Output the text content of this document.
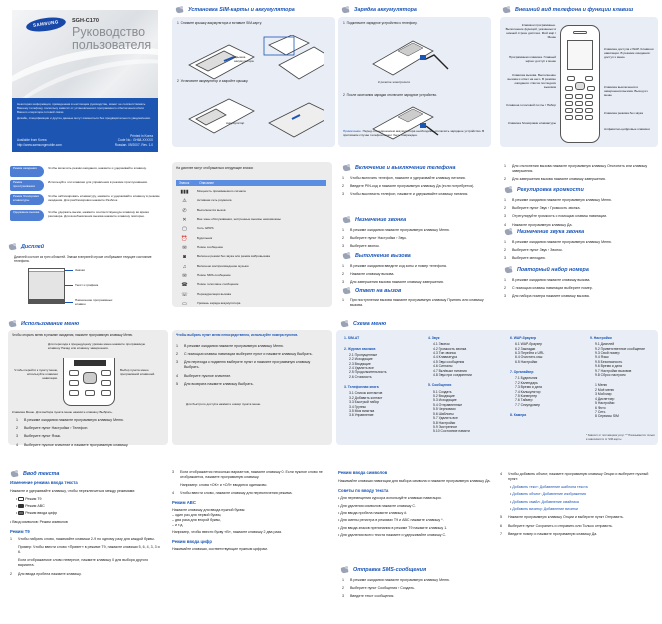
SAMSUNG	SGH-C170
Руководство пользователя
Некоторая информация, приведенная в настоящем руководстве, может не соответствовать Вашему телефону, поскольку зависит от установленного программного обеспечения и/или Вашего оператора сотовой связи.
Дизайн, спецификации и другие данные могут изменяться без предварительного уведомления.
Available from Korea
http://www.samsungmobile.com
Printed in Korea
Code No.: GH68-XXXXX
Russian. 09/2007. Rev. 1.0
Установка SIM-карты и аккумулятора
1  Снимите крышку аккумулятора и вставьте SIM-карту.
Крышка аккумулятора
2  Установите аккумулятор и закройте крышку.
Аккумулятор
Зарядка аккумулятора
1  Подключите зарядное устройство к телефону.
К розетке электросети
2  После окончания зарядки отключите зарядное устройство.
Примечание. Перед отсоединением аккумулятора необходимо отключить зарядное устройство. В противном случае телефон может быть поврежден.
Внешний вид телефона и функции клавиш
Клавиши программные. Выполнение функций, указанных в нижней строке дисплея. Мой мир / Меню
Программная клавиша. Главный экран: доступ к меню
Клавиша вызова. Выполнение вызова и ответ на него. В режиме ожидания: список последних вызовов
Клавиша голосовой почты / Набор
Клавиша блокировки клавиатуры
Клавиша доступа к WAP. Клавиши навигации. В режиме ожидания: доступ к меню
Клавиша выключения и завершения вызова. Выход из меню
Клавиша режима без звука
Алфавитно-цифровые клавиши
Режим ожидания
Режим прослушивания
Режим блокировки клавиатуры
Удержание вызова
Чтобы включить режим ожидания, нажмите и удерживайте клавишу.
Используйте эти клавиши для управления в режиме прослушивания.
Чтобы заблокировать клавиатуру, нажмите и удерживайте клавишу в режиме ожидания. Для разблокировки нажмите Разблок.
Чтобы удержать вызов, нажмите соответствующую клавишу во время разговора. Для возобновления вызова нажмите клавишу повторно.
Дисплей
Дисплей состоит из трех областей. Значки в верхней строке отображают текущее состояние телефона.
Значки
Текст и графика
Назначение программных клавиш
На дисплее могут отображаться следующие значки:
Значок	Описание
▮▮▮	Мощность принимаемого сигнала
⚠	Активная сеть роуминга
✆	Выполняется вызов
✕	Вне зоны обслуживания, экстренные вызовы невозможны
▢	Сеть GPRS
⏰	Будильник
✉	Новое сообщение
◙	Включен режим без звука или режим вибровызова
♫	Включено воспроизведение музыки
✉	Новое SMS-сообщение
☎	Новое голосовое сообщение
☏	Переадресация вызова
▭	Уровень заряда аккумулятора
Включение и выключение телефона
1	Чтобы включить телефон, нажмите и удерживайте клавишу питания.
2	Введите PIN-код и нажмите программную клавишу Да (если потребуется).
3	Чтобы выключить телефон, нажмите и удерживайте клавишу питания.
Назначение звонка
1	В режиме ожидания нажмите программную клавишу Меню.
2	Выберите пункт Настройки › Звук.
3	Выберите звонок.
Выполнение вызова
1	В режиме ожидания введите код зоны и номер телефона.
2	Нажмите клавишу вызова.
3	Для завершения вызова нажмите клавишу завершения.
Ответ на вызов
1	При поступлении вызова нажмите программную клавишу Принять или клавишу вызова.
1	Для отклонения вызова нажмите программную клавишу Отклонить или клавишу завершения.
2	Для завершения вызова нажмите клавишу завершения.
Регулировка громкости
1	В режиме ожидания нажмите программную клавишу Меню.
2	Выберите пункт Звук › Громкость звонка.
3	Отрегулируйте громкость с помощью клавиш навигации.
4	Нажмите программную клавишу Да.
Назначение звука звонка
1	В режиме ожидания нажмите программную клавишу Меню.
2	Выберите пункт Звук › Звонок.
3	Выберите мелодию.
Повторный набор номера
1	В режиме ожидания нажмите клавишу вызова.
2	С помощью клавиш навигации выберите номер.
3	Для набора номера нажмите клавишу вызова.
Использование меню
Чтобы открыть меню в режиме ожидания, нажмите программную клавишу Меню.
Для перехода к предыдущему уровню меню нажмите программную клавишу Назад или клавишу завершения.
Чтобы перейти к пункту меню, используйте клавиши навигации.
Выбор пункта меню программной клавишей.
Клавиша Меню. Для выбора пункта меню нажмите клавишу Выбрать.
1	В режиме ожидания нажмите программную клавишу Меню.
2	Выберите пункт Настройки › Телефон.
3	Выберите пункт Язык.
4	Выберите нужное значение и нажмите программную клавишу.
Чтобы выбрать пункт меню непосредственно, используйте номера пунктов.
1	В режиме ожидания нажмите программную клавишу Меню.
2	С помощью клавиш навигации выберите пункт и нажмите клавишу Выбрать.
3	Для перехода к подменю выберите пункт и нажмите программную клавишу Выбрать.
4	Выберите нужное значение.
5	Для возврата нажмите клавишу Выбрать.
Для быстрого доступа нажмите номер пункта меню.
Схема меню
1. SIM-AT
2. Журнал звонков
2.1 Пропущенные
2.2 Исходящие
2.3 Входящие
2.4 Удалить все
2.5 Продолжительность
2.6 Стоимость
3. Телефонная книга
3.1 Список контактов
3.2 Добавить контакт
3.3 Быстрый набор
3.4 Группы
3.5 Моя визитка
3.6 Управление
4. Звук
4.1 Звонок
4.2 Громкость звонка
4.3 Тип звонка
4.4 Клавиатура
4.5 Звук сообщения
4.6 Сигналы
4.7 Вкл/выкл питания
4.8 Звук при соединении
5. Сообщения
5.1 Создать
5.2 Входящие
5.3 Исходящие
5.4 Отправленные
5.5 Черновики
5.6 Шаблоны
5.7 Удалить все
5.8 Настройки
5.9 Экстренное
5.10 Состояние памяти
6. WAP-браузер
6.1 WAP-браузер
6.2 Закладки
6.3 Перейти к URL
6.4 Очистить кэш
6.5 Настройки
7. Органайзер
7.1 Будильник
7.2 Календарь
7.3 Время и дата
7.4 Калькулятор
7.5 Конвертер
7.6 Таймер
7.7 Секундомер
8. Камера
9. Настройки
9.1 Дисплей
9.2 Приветственное сообщение
9.3 Свой номер
9.4 Язык
9.5 Безопасность
9.6 Время и дата
9.7 Настройки вызовов
9.8 Сброс настроек
1 Меню
2 Моё меню
3 Мой мир
4 Диспетчер
5 Настройки
6 Фото
7 Сеть
8 Сервисы SIM
* Зависит от поставщика услуг. ** Показывается только в зависимости от SIM-карты.
Ввод текста
Изменение режима ввода текста
Нажмите и удерживайте клавишу, чтобы переключиться между режимами:
•  Режим T9
•  Режим ABC
•  Режим ввода цифр
• Ввод символов: Режим символов
Режим T9
1	Чтобы набрать слово, нажимайте клавиши 2-9 по одному разу для каждой буквы.
Пример: Чтобы ввести слово «Привет» в режиме T9, нажмите клавиши 5, 6, 4, 3, 3 и 6.
Если отображаемое слово неверное, нажмите клавишу 0 для выбора другого варианта.
2	Для ввода пробела нажмите клавишу.
3	Если отображается несколько вариантов, нажмите клавишу 0. Если нужное слово не отображается, нажмите программную клавишу.
Например: слова «ОК» и «ОЛ» вводятся одинаково.
4	Чтобы ввести слово, нажмите клавишу для переключения режима.
Режим ABC
Нажмите клавишу для ввода нужной буквы:
– один раз для первой буквы,
– два раза для второй буквы,
– и т.д.
Например, чтобы ввести букву «В», нажмите клавишу 2 два раза.
Режим ввода цифр
Нажимайте клавиши, соответствующие нужным цифрам.
Режим ввода символов
Нажимайте клавиши навигации для выбора символа и нажмите программную клавишу Да.
Советы по вводу текста
• Для перемещения курсора используйте клавиши навигации.
• Для удаления символов нажмите клавишу C.
• Для ввода пробела нажмите клавишу #.
• Для смены регистра в режимах T9 и ABC нажмите клавишу *.
• Для ввода знаков препинания в режиме T9 нажмите клавишу 1.
• Для удаления всего текста нажмите и удерживайте клавишу C.
Отправка SMS-сообщения
1	В режиме ожидания нажмите программную клавишу Меню.
2	Выберите пункт Сообщения › Создать.
3	Введите текст сообщения.
4	Чтобы добавить объект, нажмите программную клавишу Опции и выберите нужный пункт:
• Добавить текст: Добавление шаблона текста
• Добавить объект: Добавление изображения
• Добавить смайл: Добавление смайлика
• Добавить визитку: Добавление визитки
5	Нажмите программную клавишу Опции и выберите пункт Отправить.
6	Выберите пункт Сохранить и отправить или Только отправить.
7	Введите номер и нажмите программную клавишу Да.
